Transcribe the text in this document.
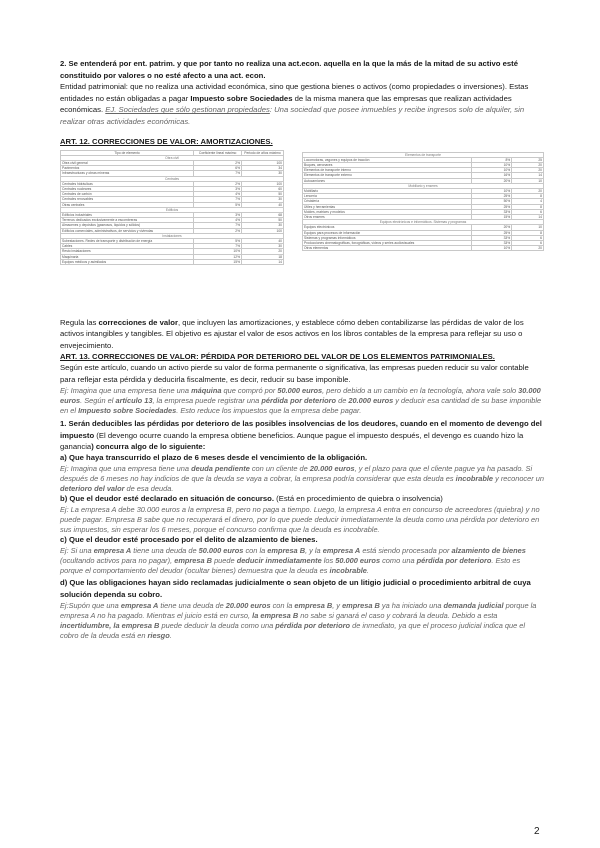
2. Se entenderá por ent. patrim. y que por tanto no realiza una act.econ. aquella en la que la más de la mitad de su activo esté constituido por valores o no esté afecto a una act. econ.

Entidad patrimonial: que no realiza una actividad económica, sino que gestiona bienes o activos (como propiedades o inversiones). Estas entidades no están obligadas a pagar Impuesto sobre Sociedades de la misma manera que las empresas que realizan actividades económicas. EJ. Sociedades que sólo gestionan propiedades: Una sociedad que posee inmuebles y recibe ingresos solo de alquiler, sin realizar otras actividades económicas.

ART. 12. CORRECCIONES DE VALOR: AMORTIZACIONES.

Tipo de elemento	Coeficiente lineal máximo	Periodo de años máximo
Obra civil		
Obra civil general	2%	100
Pavimentos	6%	34
Infraestructuras y obras mineras	7%	30
Centrales		
Centrales hidráulicas	2%	100
Centrales nucleares	3%	60
Centrales de carbón	4%	50
Centrales renovables	7%	30
Otras centrales	5%	40
Edificios		
Edificios industriales	3%	68
Terrenos dedicados exclusivamente a escombreras	4%	50
Almacenes y depósitos (gaseosos, líquidos y sólidos)	7%	30
Edificios comerciales, administrativos, de servicios y viviendas	2%	100
Instalaciones		
Subestaciones. Redes de transporte y distribución de energía	5%	40
Cables	7%	30
Resto instalaciones	10%	20
Maquinaria	12%	18
Equipos médicos y asimilados	15%	14
Elementos de transporte		
Locomotoras, vagones y equipos de tracción	8%	25
Buques, aeronaves	10%	20
Elementos de transporte interno	10%	20
Elementos de transporte externo	16%	14
Autocamiones	20%	10
Mobiliario y enseres		
Mobiliario	10%	20
Lencería	25%	8
Cristalería	50%	4
Útiles y herramientas	25%	8
Moldes, matrices y modelos	33%	6
Otros enseres	15%	14
Equipos electrónicos e informáticos. Sistemas y programas		
Equipos electrónicos	20%	10
Equipos para procesos de información	25%	8
Sistemas y programas informáticos	33%	6
Producciones cinematográficas, fonográficas, vídeos y series audiovisuales	33%	6
Otros elementos	10%	20

Regula las correcciones de valor, que incluyen las amortizaciones, y establece cómo deben contabilizarse las pérdidas de valor de los activos intangibles y tangibles. El objetivo es ajustar el valor de esos activos en los libros contables de la empresa para reflejar su uso o envejecimiento.

ART. 13. CORRECCIONES DE VALOR: PÉRDIDA POR DETERIORO DEL VALOR DE LOS ELEMENTOS PATRIMONIALES.

Según este artículo, cuando un activo pierde su valor de forma permanente o significativa, las empresas pueden reducir su valor contable para reflejar esta pérdida y deducirla fiscalmente, es decir, reducir su base imponible.

Ej: Imagina que una empresa tiene una máquina que compró por 50.000 euros, pero debido a un cambio en la tecnología, ahora vale solo 30.000 euros. Según el artículo 13, la empresa puede registrar una pérdida por deterioro de 20.000 euros y deducir esa cantidad de su base imponible en el Impuesto sobre Sociedades. Esto reduce los impuestos que la empresa debe pagar.

1. Serán deducibles las pérdidas por deterioro de las posibles insolvencias de los deudores, cuando en el momento de devengo del impuesto (El devengo ocurre cuando la empresa obtiene beneficios. Aunque pague el impuesto después, el devengo es cuando hizo la ganancia) concurra algo de lo siguiente:

a) Que haya transcurrido el plazo de 6 meses desde el vencimiento de la obligación.

Ej: Imagina que una empresa tiene una deuda pendiente con un cliente de 20.000 euros, y el plazo para que el cliente pague ya ha pasado. Si después de 6 meses no hay indicios de que la deuda se vaya a cobrar, la empresa podría considerar que esta deuda es incobrable y reconocer un deterioro del valor de esa deuda.

b) Que el deudor esté declarado en situación de concurso. (Está en procedimiento de quiebra o insolvencia)

Ej: La empresa A debe 30.000 euros a la empresa B, pero no paga a tiempo. Luego, la empresa A entra en concurso de acreedores (quiebra) y no puede pagar. Empresa B sabe que no recuperará el dinero, por lo que puede deducir inmediatamente la deuda como una pérdida por deterioro en sus impuestos, sin esperar los 6 meses, porque el concurso confirma que la deuda es incobrable.

c) Que el deudor esté procesado por el delito de alzamiento de bienes.

Ej: Si una empresa A tiene una deuda de 50.000 euros con la empresa B, y la empresa A está siendo procesada por alzamiento de bienes (ocultando activos para no pagar), empresa B puede deducir inmediatamente los 50.000 euros como una pérdida por deterioro. Esto es porque el comportamiento del deudor (ocultar bienes) demuestra que la deuda es incobrable.

d) Que las obligaciones hayan sido reclamadas judicialmente o sean objeto de un litigio judicial o procedimiento arbitral de cuya solución dependa su cobro.

Ej:Supón que una empresa A tiene una deuda de 20.000 euros con la empresa B, y empresa B ya ha iniciado una demanda judicial porque la empresa A no ha pagado. Mientras el juicio está en curso, la empresa B no sabe si ganará el caso y cobrará la deuda. Debido a esta incertidumbre, la empresa B puede deducir la deuda como una pérdida por deterioro de inmediato, ya que el proceso judicial indica que el cobro de la deuda está en riesgo.

2
